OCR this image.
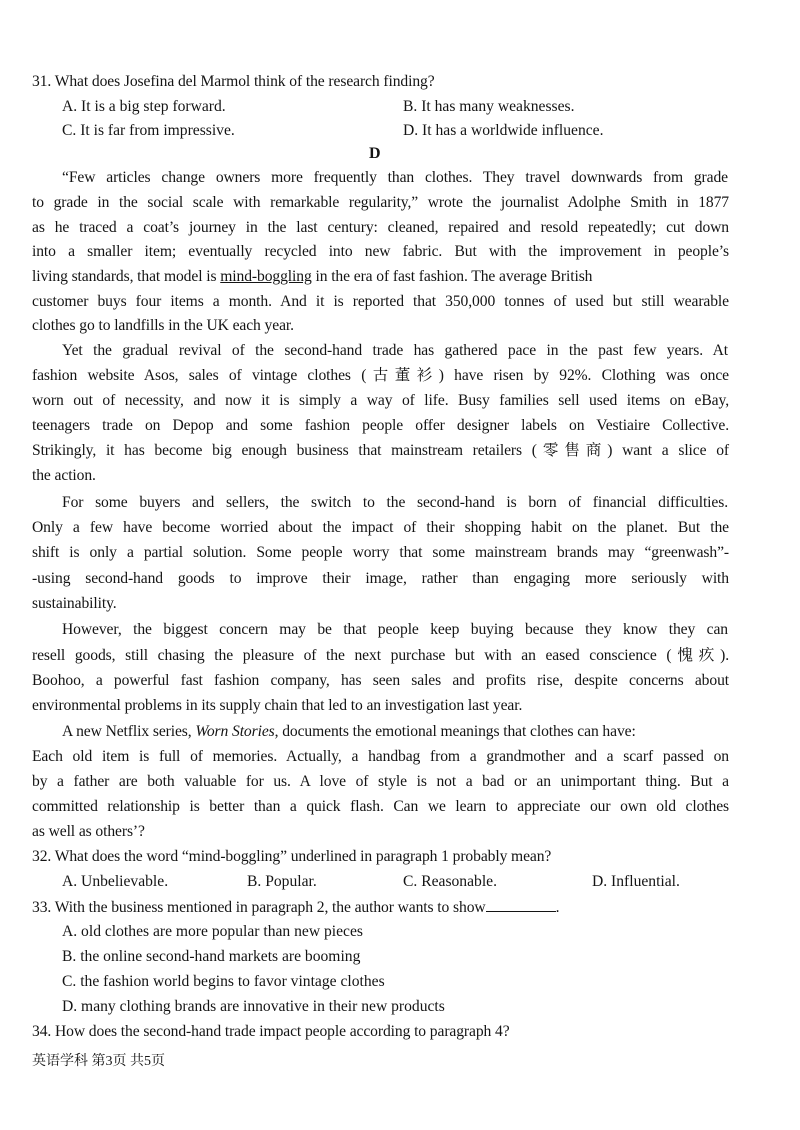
31. What does Josefina del Marmol think of the research finding?
A. It is a big step forward.	B. It has many weaknesses.
C. It is far from impressive.	D. It has a worldwide influence.
D
“Few articles change owners more frequently than clothes. They travel downwards from grade
to grade in the social scale with remarkable regularity,” wrote the journalist Adolphe Smith in 1877
as he traced a coat’s journey in the last century: cleaned, repaired and resold repeatedly; cut down
into a smaller item; eventually recycled into new fabric. But with the improvement in people’s
living standards, that model is mind-boggling in the era of fast fashion. The average British
customer buys four items a month. And it is reported that 350,000 tonnes of used but still wearable
clothes go to landfills in the UK each year.
Yet the gradual revival of the second-hand trade has gathered pace in the past few years. At
fashion website Asos, sales of vintage clothes (古董衫) have risen by 92%. Clothing was once
worn out of necessity, and now it is simply a way of life. Busy families sell used items on eBay,
teenagers trade on Depop and some fashion people offer designer labels on Vestiaire Collective.
Strikingly, it has become big enough business that mainstream retailers (零售商) want a slice of
the action.
For some buyers and sellers, the switch to the second-hand is born of financial difficulties.
Only a few have become worried about the impact of their shopping habit on the planet. But the
shift is only a partial solution. Some people worry that some mainstream brands may “greenwash”-
-using second-hand goods to improve their image, rather than engaging more seriously with
sustainability.
However, the biggest concern may be that people keep buying because they know they can
resell goods, still chasing the pleasure of the next purchase but with an eased conscience (愧疚).
Boohoo, a powerful fast fashion company, has seen sales and profits rise, despite concerns about
environmental problems in its supply chain that led to an investigation last year.
A new Netflix series, Worn Stories, documents the emotional meanings that clothes can have:
Each old item is full of memories. Actually, a handbag from a grandmother and a scarf passed on
by a father are both valuable for us. A love of style is not a bad or an unimportant thing. But a
committed relationship is better than a quick flash. Can we learn to appreciate our own old clothes
as well as others’?
32. What does the word “mind-boggling” underlined in paragraph 1 probably mean?
A. Unbelievable.	B. Popular.	C. Reasonable.	D. Influential.
33. With the business mentioned in paragraph 2, the author wants to show	.
A. old clothes are more popular than new pieces
B. the online second-hand markets are booming
C. the fashion world begins to favor vintage clothes
D. many clothing brands are innovative in their new products
34. How does the second-hand trade impact people according to paragraph 4?
英语学科 第3页 共5页
